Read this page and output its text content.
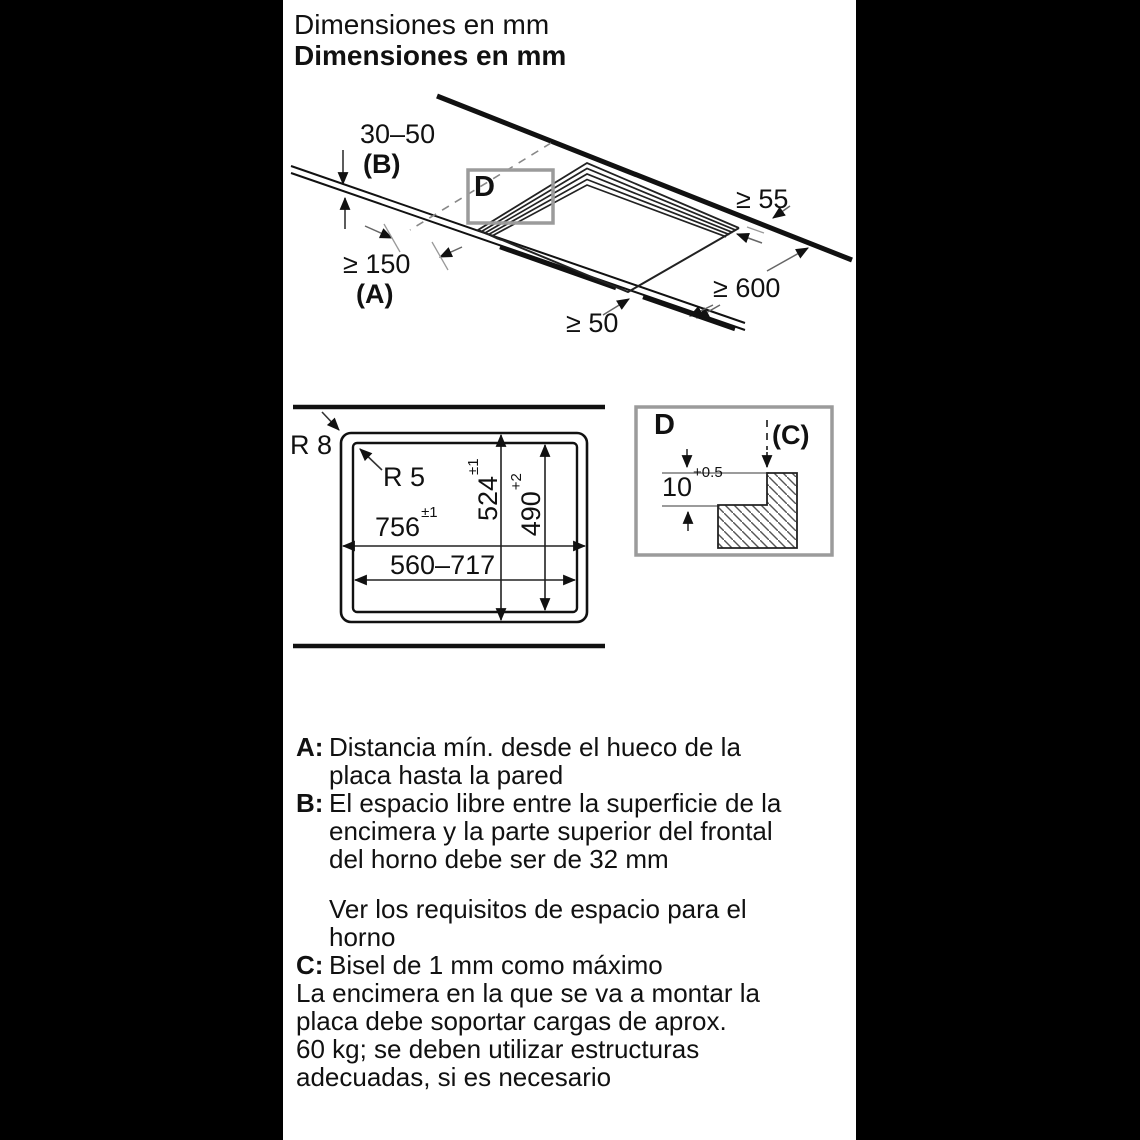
Dimensiones en mm
Dimensiones en mm
30–50
(B)
≥ 150
(A)
≥ 55
≥ 600
≥ 50
D
R 8
R 5
$756^{\pm 1}$
560–717
$524^{\pm 1}$
$490^{+2}$
D	(C)
$10^{+0.5}$
A: Distancia mín. desde el hueco de la
placa hasta la pared
B: El espacio libre entre la superficie de la
encimera y la parte superior del frontal
del horno debe ser de 32 mm
Ver los requisitos de espacio para el
horno
C: Bisel de 1 mm como máximo
La encimera en la que se va a montar la
placa debe soportar cargas de aprox.
60 kg; se deben utilizar estructuras
adecuadas, si es necesario
